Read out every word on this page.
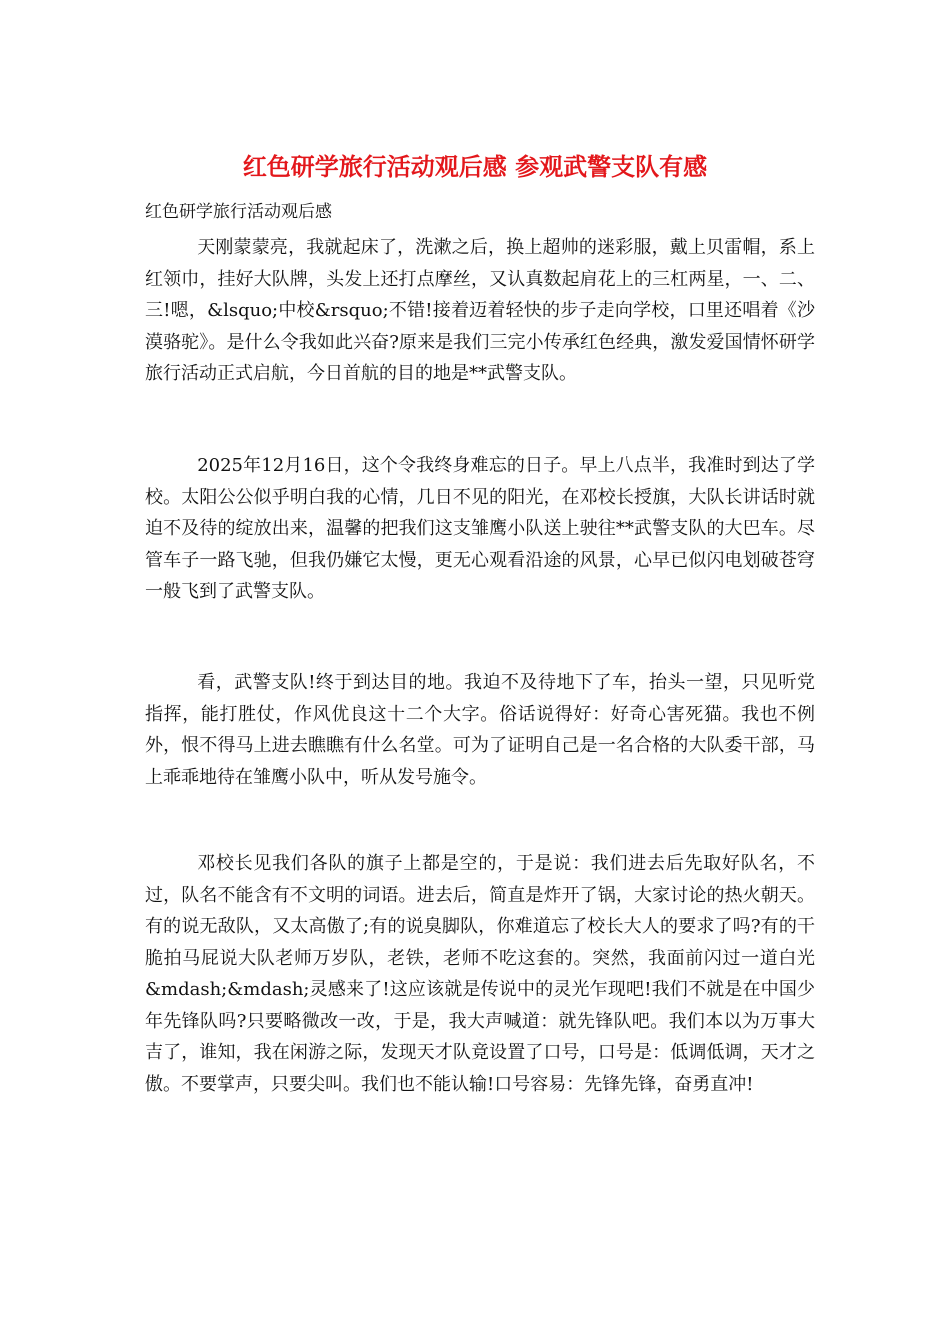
红色研学旅行活动观后感 参观武警支队有感

红色研学旅行活动观后感

天刚蒙蒙亮，我就起床了，洗漱之后，换上超帅的迷彩服，戴上贝雷帽，系上红领巾，挂好大队牌，头发上还打点摩丝，又认真数起肩花上的三杠两星，一、二、三!嗯，&lsquo;中校&rsquo;不错!接着迈着轻快的步子走向学校，口里还唱着《沙漠骆驼》。是什么令我如此兴奋?原来是我们三完小传承红色经典，激发爱国情怀研学旅行活动正式启航，今日首航的目的地是**武警支队。

2025年12月16日，这个令我终身难忘的日子。早上八点半，我准时到达了学校。太阳公公似乎明白我的心情，几日不见的阳光，在邓校长授旗，大队长讲话时就迫不及待的绽放出来，温馨的把我们这支雏鹰小队送上驶往**武警支队的大巴车。尽管车子一路飞驰，但我仍嫌它太慢，更无心观看沿途的风景，心早已似闪电划破苍穹一般飞到了武警支队。

看，武警支队!终于到达目的地。我迫不及待地下了车，抬头一望，只见听党指挥，能打胜仗，作风优良这十二个大字。俗话说得好：好奇心害死猫。我也不例外，恨不得马上进去瞧瞧有什么名堂。可为了证明自己是一名合格的大队委干部，马上乖乖地待在雏鹰小队中，听从发号施令。

邓校长见我们各队的旗子上都是空的，于是说：我们进去后先取好队名，不过，队名不能含有不文明的词语。进去后，简直是炸开了锅，大家讨论的热火朝天。有的说无敌队，又太高傲了;有的说臭脚队，你难道忘了校长大人的要求了吗?有的干脆拍马屁说大队老师万岁队，老铁，老师不吃这套的。突然，我面前闪过一道白光&mdash;&mdash;灵感来了!这应该就是传说中的灵光乍现吧!我们不就是在中国少年先锋队吗?只要略微改一改，于是，我大声喊道：就先锋队吧。我们本以为万事大吉了，谁知，我在闲游之际，发现天才队竟设置了口号，口号是：低调低调，天才之傲。不要掌声，只要尖叫。我们也不能认输!口号容易：先锋先锋，奋勇直冲!
